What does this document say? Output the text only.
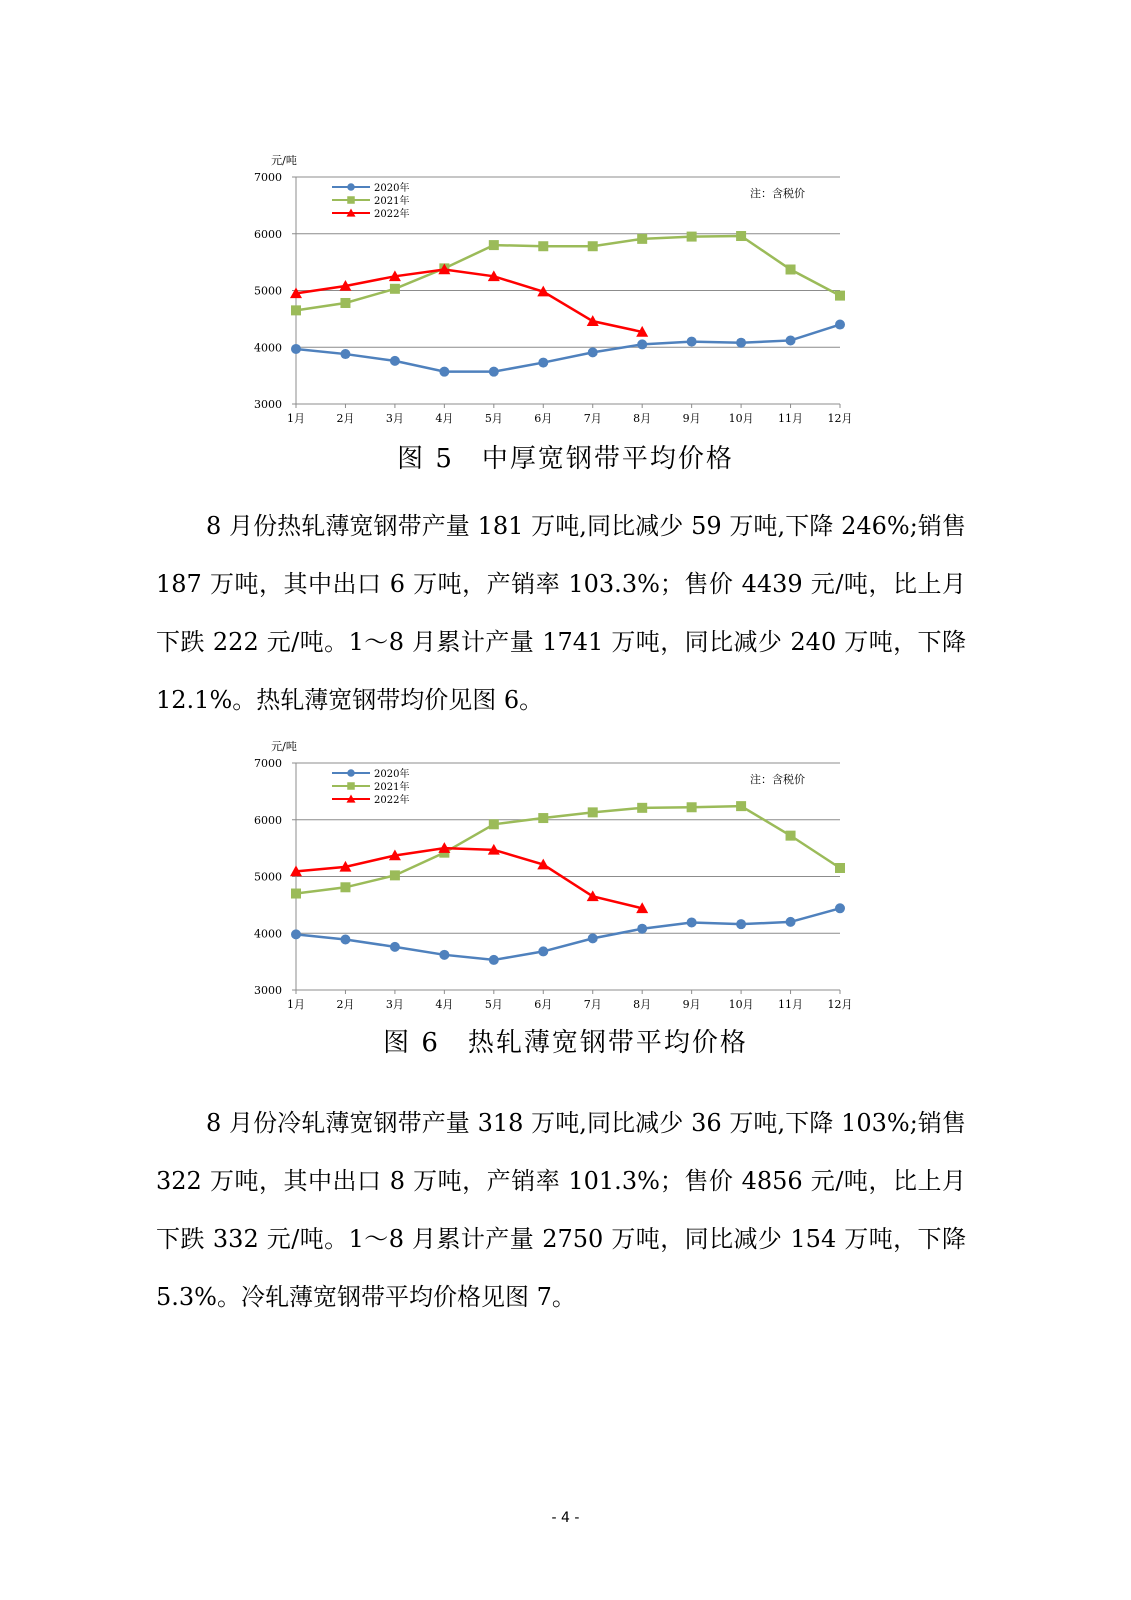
3000
4000
5000
6000
7000
元/吨
1月	2月	3月	4月	5月	6月	7月	8月	9月	10月 11月 12月
注：含税价
2020年
2021年
2022年
图 5　中厚宽钢带平均价格

8 月份热轧薄宽钢带产量 181 万吨,同比减少 59 万吨,下降 246%;销售 187 万吨，其中出口 6 万吨，产销率 103.3%；售价 4439 元/吨，比上月下跌 222 元/吨。1～8 月累计产量 1741 万吨，同比减少 240 万吨，下降 12.1%。热轧薄宽钢带均价见图 6。

3000
4000
5000
6000
7000
元/吨
1月	2月	3月	4月	5月	6月	7月	8月	9月	10月 11月 12月
注：含税价
2020年
2021年
2022年
图 6　热轧薄宽钢带平均价格

8 月份冷轧薄宽钢带产量 318 万吨,同比减少 36 万吨,下降 103%;销售 322 万吨，其中出口 8 万吨，产销率 101.3%；售价 4856 元/吨，比上月下跌 332 元/吨。1～8 月累计产量 2750 万吨，同比减少 154 万吨，下降 5.3%。冷轧薄宽钢带平均价格见图 7。

- 4 -
